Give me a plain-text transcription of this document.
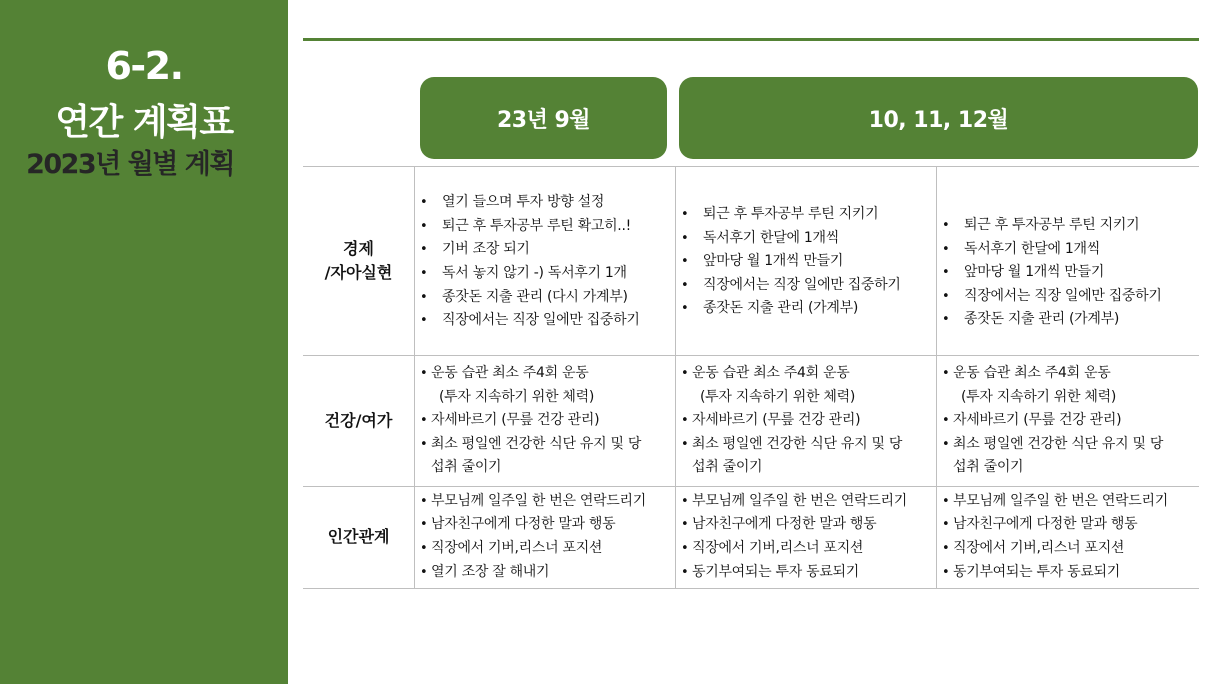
6-2.
연간 계획표
2023년 월별 계획
23년 9월	10, 11, 12월
경제
/자아실현
• 열기 들으며 투자 방향 설정
• 퇴근 후 투자공부 루틴 확고히..!
• 기버 조장 되기
• 독서 놓지 않기 -) 독서후기 1개
• 종잣돈 지출 관리 (다시 가계부)
• 직장에서는 직장 일에만 집중하기
• 퇴근 후 투자공부 루틴 지키기
• 독서후기 한달에 1개씩
• 앞마당 월 1개씩 만들기
• 직장에서는 직장 일에만 집중하기
• 종잣돈 지출 관리 (가계부)
• 퇴근 후 투자공부 루틴 지키기
• 독서후기 한달에 1개씩
• 앞마당 월 1개씩 만들기
• 직장에서는 직장 일에만 집중하기
• 종잣돈 지출 관리 (가계부)
건강/여가
• 운동 습관 최소 주4회 운동
(투자 지속하기 위한 체력)
• 자세바르기 (무릎 건강 관리)
• 최소 평일엔 건강한 식단 유지 및 당
섭취 줄이기
• 운동 습관 최소 주4회 운동
(투자 지속하기 위한 체력)
• 자세바르기 (무릎 건강 관리)
• 최소 평일엔 건강한 식단 유지 및 당
섭취 줄이기
• 운동 습관 최소 주4회 운동
(투자 지속하기 위한 체력)
• 자세바르기 (무릎 건강 관리)
• 최소 평일엔 건강한 식단 유지 및 당
섭취 줄이기
인간관계
• 부모님께 일주일 한 번은 연락드리기
• 남자친구에게 다정한 말과 행동
• 직장에서 기버,리스너 포지션
• 열기 조장 잘 해내기
• 부모님께 일주일 한 번은 연락드리기
• 남자친구에게 다정한 말과 행동
• 직장에서 기버,리스너 포지션
• 동기부여되는 투자 동료되기
• 부모님께 일주일 한 번은 연락드리기
• 남자친구에게 다정한 말과 행동
• 직장에서 기버,리스너 포지션
• 동기부여되는 투자 동료되기
